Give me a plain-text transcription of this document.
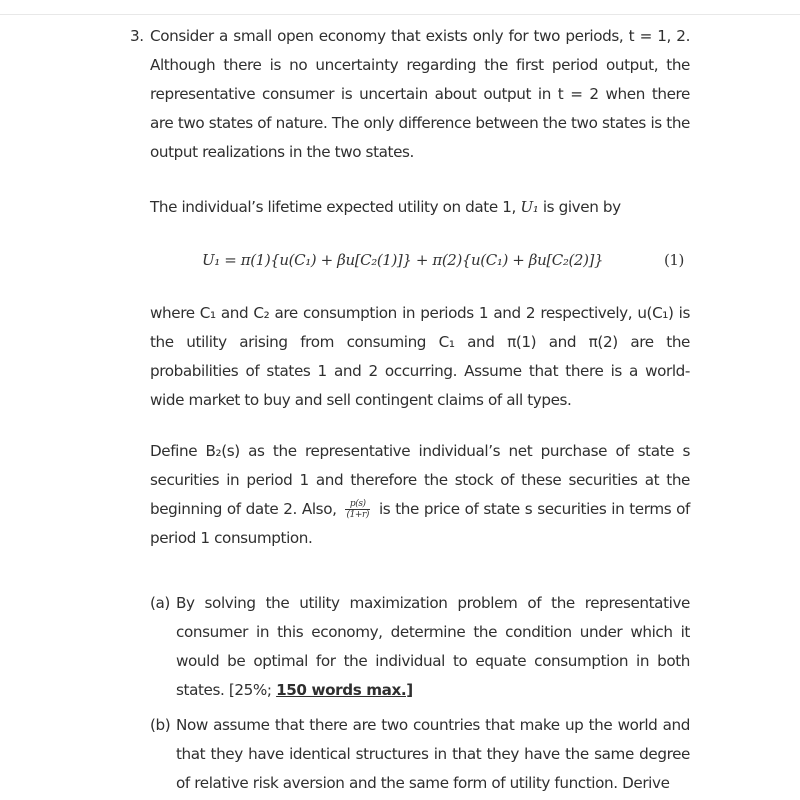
3. Consider a small open economy that exists only for two periods, t = 1, 2. Although there is no uncertainty regarding the first period output, the representative consumer is uncertain about output in t = 2 when there are two states of nature. The only difference between the two states is the output realizations in the two states.

The individual’s lifetime expected utility on date 1, U₁ is given by

U₁ = π(1){u(C₁) + βu[C₂(1)]} + π(2){u(C₁) + βu[C₂(2)]}	(1)

where C₁ and C₂ are consumption in periods 1 and 2 respectively, u(C₁) is the utility arising from consuming C₁ and π(1) and π(2) are the probabilities of states 1 and 2 occurring. Assume that there is a world-wide market to buy and sell contingent claims of all types.

Define B₂(s) as the representative individual’s net purchase of state s securities in period 1 and therefore the stock of these securities at the beginning of date 2. Also, $\frac{p(s)}{(1+r)}$ is the price of state s securities in terms of period 1 consumption.

(a) By solving the utility maximization problem of the representative consumer in this economy, determine the condition under which it would be optimal for the individual to equate consumption in both states. [25%; 150 words max.]
(b) Now assume that there are two countries that make up the world and that they have identical structures in that they have the same degree of relative risk aversion and the same form of utility function. Derive
